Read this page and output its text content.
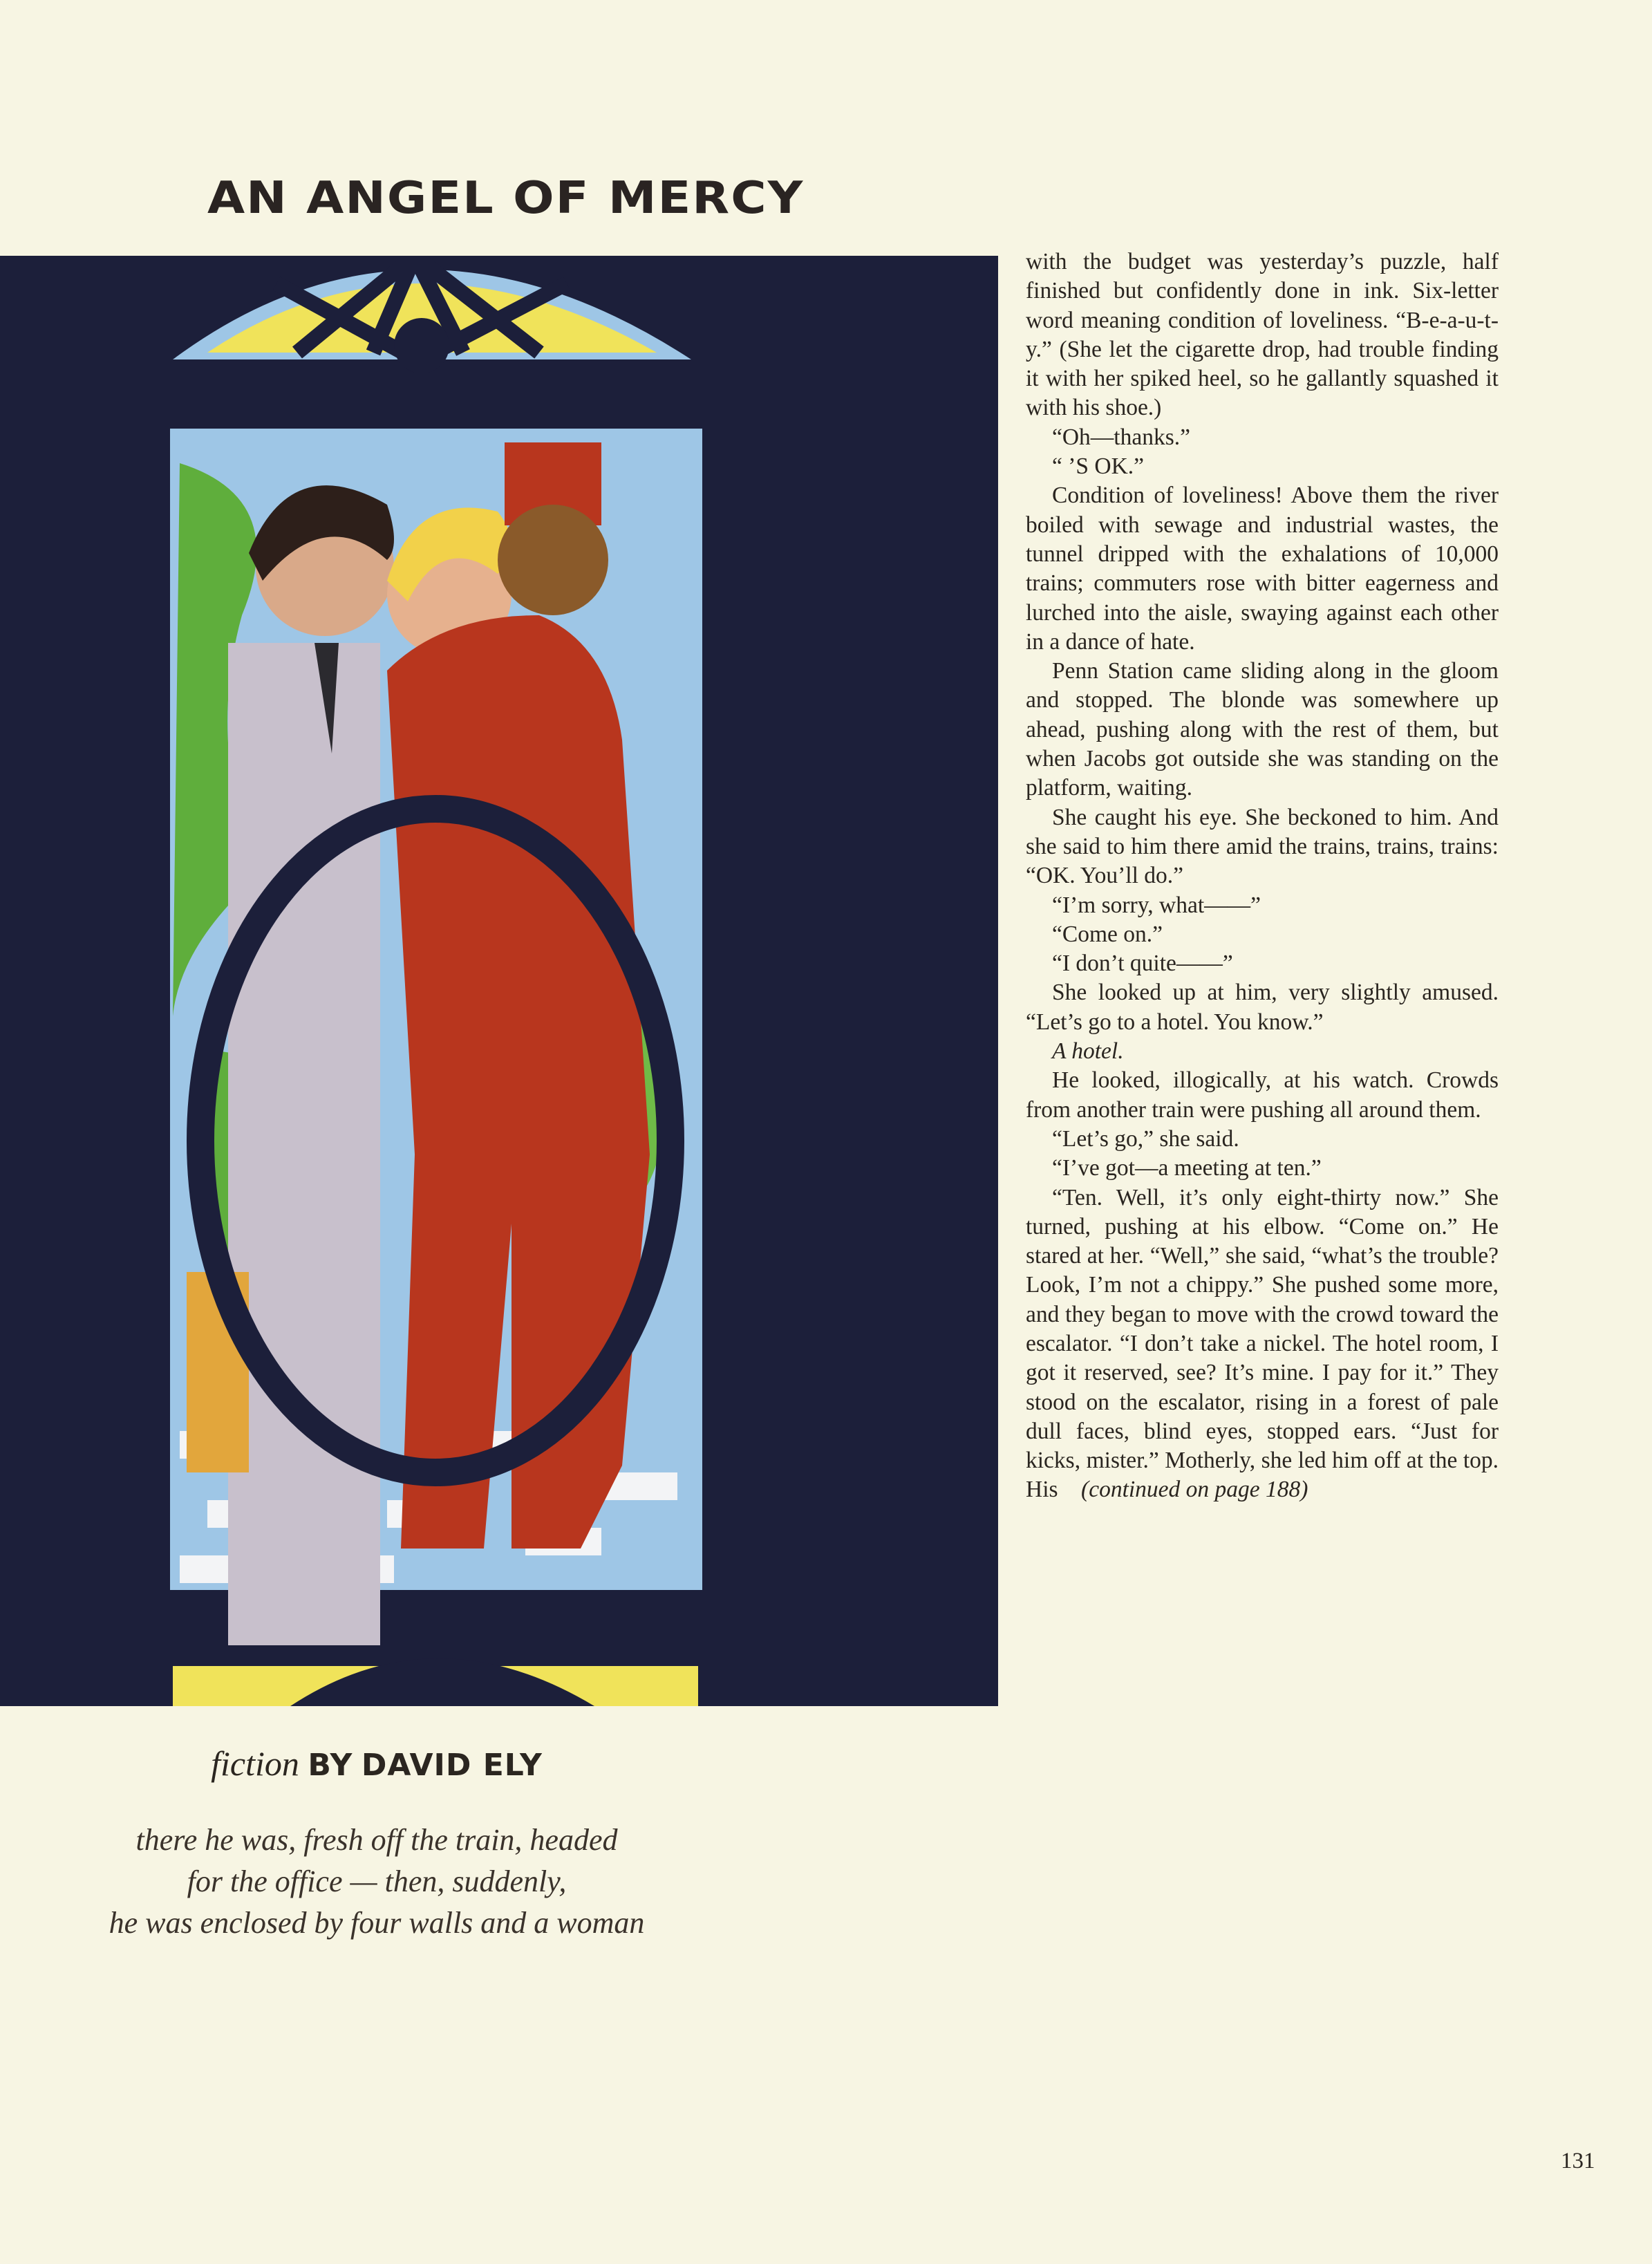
AN ANGEL OF MERCY

with the budget was yesterday’s puzzle, half finished but confidently done in ink. Six-letter word meaning condition of loveliness. “B-e-a-u-t-y.” (She let the cigarette drop, had trouble finding it with her spiked heel, so he gallantly squashed it with his shoe.)

“Oh—thanks.”

“ ’S OK.”

Condition of loveliness! Above them the river boiled with sewage and industrial wastes, the tunnel dripped with the exhalations of 10,000 trains; commuters rose with bitter eagerness and lurched into the aisle, swaying against each other in a dance of hate.

Penn Station came sliding along in the gloom and stopped. The blonde was somewhere up ahead, pushing along with the rest of them, but when Jacobs got outside she was standing on the platform, waiting.

She caught his eye. She beckoned to him. And she said to him there amid the trains, trains, trains: “OK. You’ll do.”

“I’m sorry, what——”

“Come on.”

“I don’t quite——”

She looked up at him, very slightly amused. “Let’s go to a hotel. You know.”

A hotel.

He looked, illogically, at his watch. Crowds from another train were pushing all around them.

“Let’s go,” she said.

“I’ve got—a meeting at ten.”

“Ten. Well, it’s only eight-thirty now.” She turned, pushing at his elbow. “Come on.” He stared at her. “Well,” she said, “what’s the trouble? Look, I’m not a chippy.” She pushed some more, and they began to move with the crowd toward the escalator. “I don’t take a nickel. The hotel room, I got it reserved, see? It’s mine. I pay for it.” They stood on the escalator, rising in a forest of pale dull faces, blind eyes, stopped ears. “Just for kicks, mister.” Motherly, she led him off at the top. His (continued on page 188)

fiction BY DAVID ELY
there he was, fresh off the train, headed
for the office — then, suddenly,
he was enclosed by four walls and a woman
131
